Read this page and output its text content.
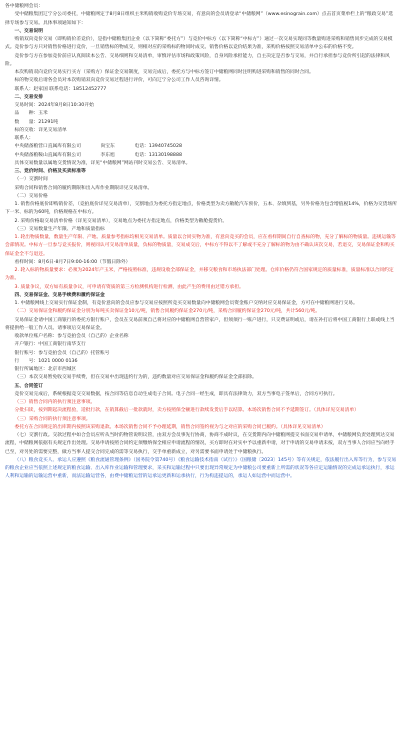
各中储粮网会员：

受中储粮集团辽宁分公司委托，中储粮网定于8月8日组织主米购销收购竞价专场交易，有意向的会员请登录“中储粮网”（www.esinograin.com）点击首页菜单栏上的“粮政交易”选择专场参与交易。具体事项通知如下：

一、交易说明

购销双向竞价交易（即购销价差竞价），是指中储粮集团企业（以下简称“委托方”）与竞价中标方（以下简称“中标方”）通过一次交易实现同等数量购进采购和销售同步完成的交易模式。竞价参与方只对销售价格进行竞价，一旦销售标的物成交，则相对应的采购标的物同时成交。销售价格以竞价结果为准，采购价格按照交易清单中公布的价格不变。

竞价参与方在参加竞价前应认真阅读本公告、交易细则和交易清单，审慎评估市场和政策风险，自身风险承担能力，自主决定是否参与交易，并自行承担参与竞价所引起的法律和风险。

本次购销双向竞价交易实行买方（采购方）保证金交易制度，交易完成后，委托方与中标方签订中储粮网同时注明购进采购和销售的同时合同。

标的物交收后请各会员对本次购销双向竞价交易过程进行评价，可向辽宁分公司工作人员咨询详情。

联系人：赵家国 联系电话：18512452777

二、交易安排

交易时间：2024年8月8日10:30开始

品　　种：玉米

数　　量：21291吨

标的交收：详见交易清单

联系人：

中央储备粮营口直属库有限公司	尚宝东	电话：13940745028
中央储备粮鞍山直属库有限公司	李东旭	电话：13130198888

具体交易数量以属地交货情况为准，详见“中储粮网”网站刊时交易公告、交易清单。

三、竞价时间、价格及买卖标准等

（一）交割时间

采购合同和销售合同的履约期限和出入库作业期限详见交易清单。

（二）交易价格

1. 销售价格底价即购销价差，（竞拍底价详见交易清单），交割地点为委托方指定地点，价格类型为卖方敞舱汽车预价，五本、杂填到基，另外价格为包含增值税14%，价格为交货场所下一米、标的为60吨，价格规格在中标方。

2. 采购价格取交易清单价格（详见交易清单），交易地点为委托方指定地点，价格类型为敞舱提货价。

（三）交易数量生产年限、产地和质量指标

1. 轮出物质数量，数量生产年限、产地、质量参考指标均相见交易清单。质量以合同实物为准，有意向竞买的会员，应在看样期间自行自查标的物，充分了解标的物质量。违规运输等会部情况。中标方一旦参与竞买报价，则视同认可交易清单质量，负标的物质量，交易成交后，中标方不得以不了解或不充分了解标的物为由不确认该次交易，若退交，交易保证金和购买保证金全不与退还。

看样时间：8月6日-8月7日9:00-16:00（节假日除外）

2. 轮入标的物质量要求：必须为2024年产玉米，严格按照标准，违规设收全部保证金，并移交粮食和市场执法部门处理。仓库价格仍符合国家规定的质量标准，质量标准以合同约定为准。

3. 质量争议，双方如有质量争议，可申请有资质的第三方检测机构进行检测，由此产生的费用由过错方承担。

四、交易保证金、交易手续费和履约保证金

1. 中储粮网线上交易实行保证金制，有竞价意向的会员应参与交易应按照所竞买交易数量向中储粮网会员资金账户交纳对应交易保证金，方可在中储粮网进行交易。

（二）交易保证金和履约保证金分别为每吨买卖保证金10元/吨，销售合同履约保证金270元/吨，采购合同履约保证金270元/吨，共计560元/吨。

交易保证金请中国工商银行的委托方银行账户，会员在交易前须自己将对应的中储粮网自营管家户，但须须行一账户进行，只交费证明或后，请在补打后将中国工商银行上联或线上当将提供给一般工作人员。请事项后交易保证金。

收款单位账户名称：参与竞拍会员（自己的）企业名称

开户银行：中国工商银行南华支行

银行账号：参与竞拍会员（自己的）托管账号

行　　号：1021 0000 0136

银行所属地区：北京市西城区

（三）本次交易暂免收交易手续费，但在交易中出现违约行为的，违约数量对应交易保证金和履约保证金全部扣除。

五、合同签订

竞价交易完成后，系统根据竞交交易数据，按合同等信息自动生成电子合同。电子合同一经生成，即具有法律效力，双方当事电子签单后，合同方可执行。

（三）销售合同内的执行须注意事项。

分批扫读，按到期起决流程验，适批行款，在销算截后一批款就时，卖方按照保全额进行款续发货后手以结算。本场次销售合同不予延期签订。（具体详见交易清单）

（三）采购合同的执行须注意事项。

委托方在合同规定的出库期内按照该采购退款。本场次销售合同不予办理延期，销售合同签约视为与之对应的采购合同已履约。（具体详见交易清单）

（七）交割行政。交款过程中如合会员应听从当时的物管说明议管，由双方会员事先行协商，协商不成时议，在交货期内向中储粮网提交书面交易申请单，中储粮网负责处理到达交易流程，中储粮网依据有关规定作出处理。交易申请按照合同约定须缴纳保全相应申请流程的情况，买方即时在对实中予以重新申请，对于申请的交易申请未按，双方当事人合同应当向经手已至，对另处的需要完整，做方当事人提交合同完成的需等交易执行，交手单重新成立，对另需要书面申请处于中储粮执行。

（八）粮食竞买人、承运人应遵照《粮食流通管理条例》（国务院令第740号）《粮食运输技术指南（试行）》（国粮储〔2023〕145号）等有关规定，依法履行出入库等行为，参与交易的粮食企业应当依照上述规定的粮食运输、出入库作业运输和管理要求，采买和运输过程中只要出现异常规定为中储粮公司要重新上所需的状况等各应定运输情况的完成运承运执行，承运人利和运输的运输运营中重新，而法运输运营各，由费中储粮运营的运承运更新和运承执行，行为构违提运的，承运人如运营中而运营中。
